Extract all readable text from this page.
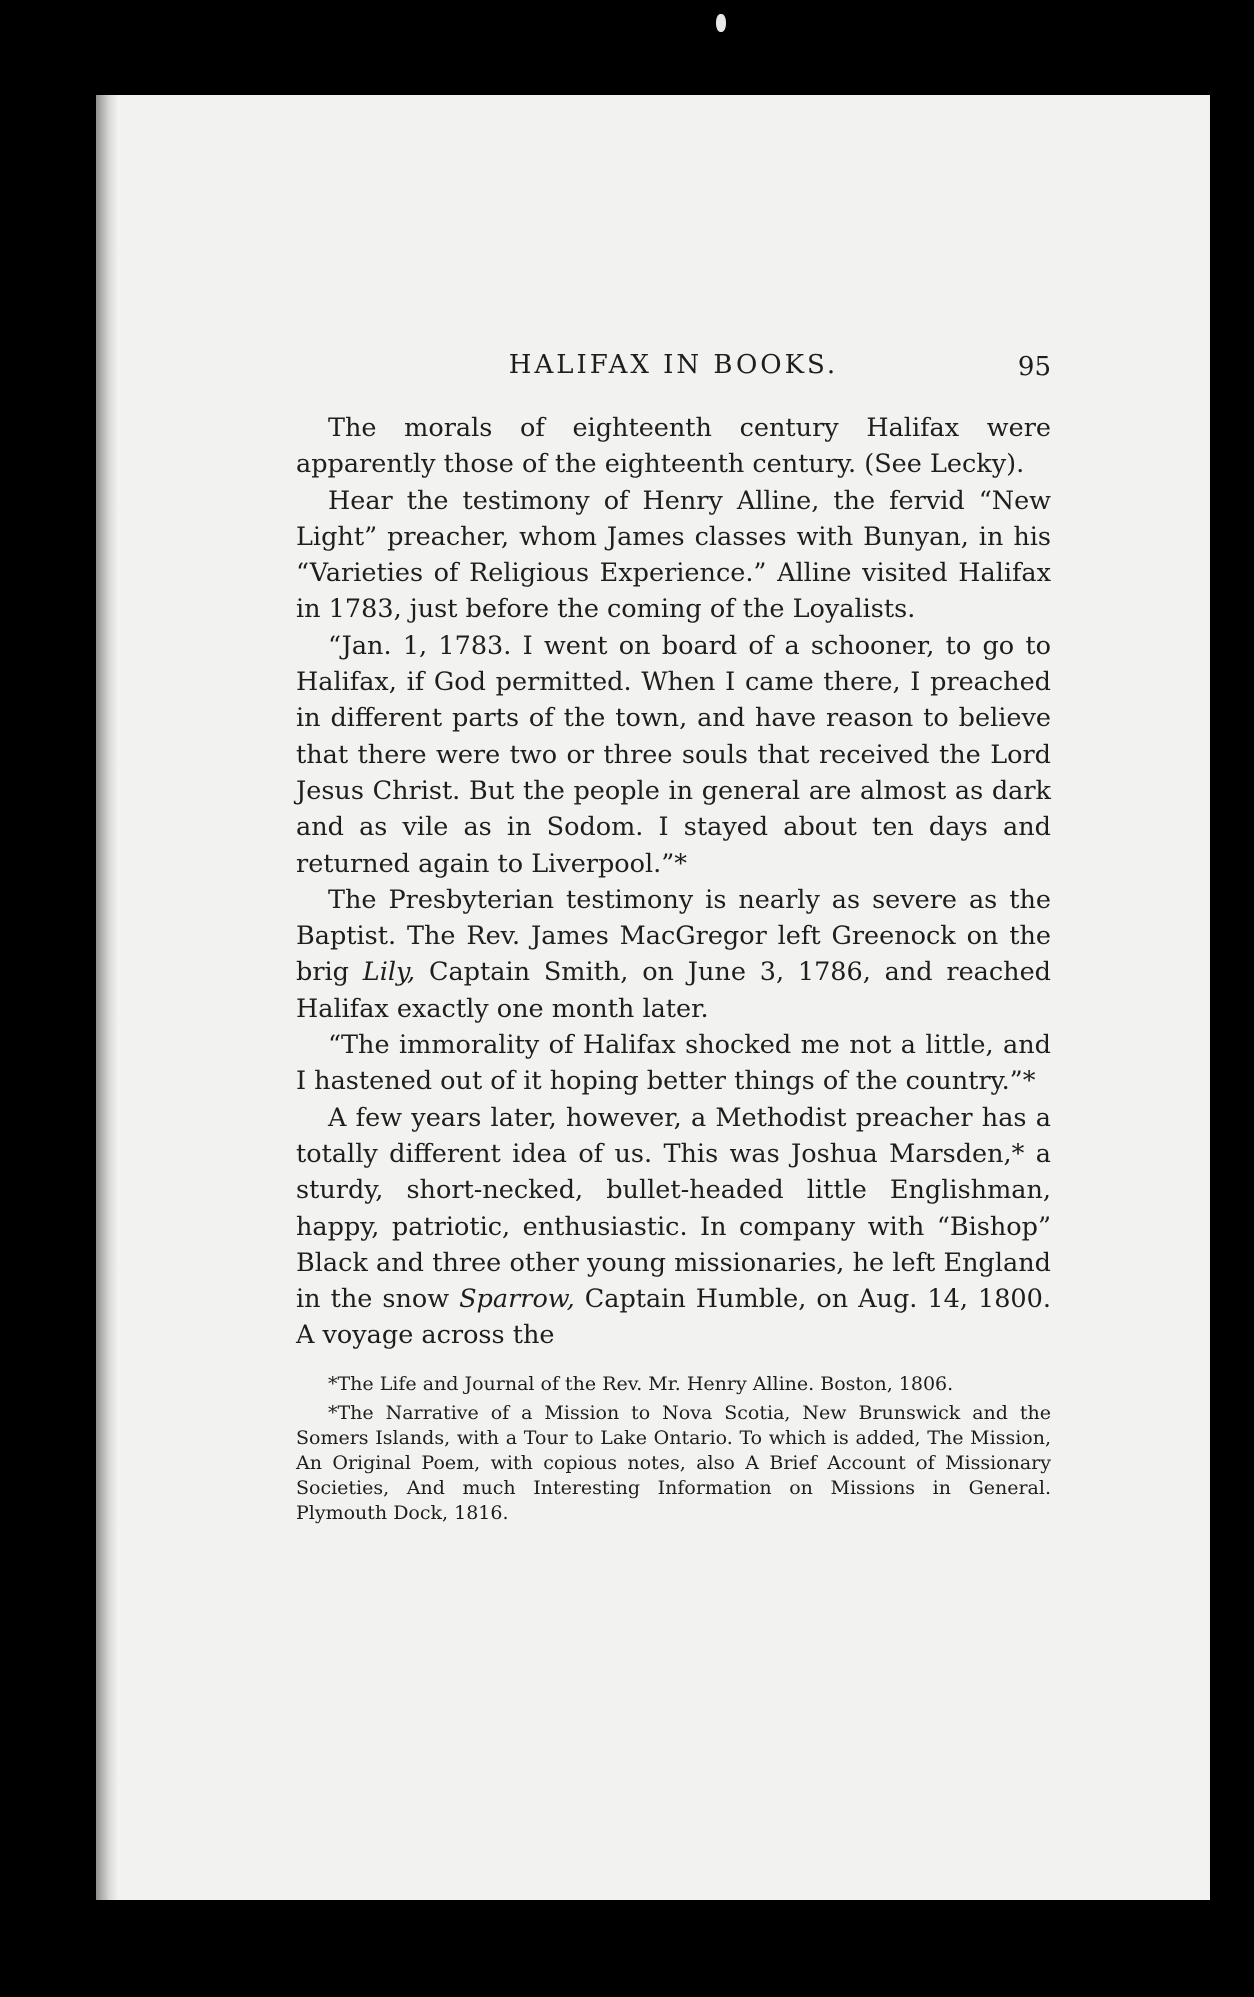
HALIFAX IN BOOKS.	95

The morals of eighteenth century Halifax were apparently those of the eighteenth century. (See Lecky).

Hear the testimony of Henry Alline, the fervid “New Light” preacher, whom James classes with Bunyan, in his “Varieties of Religious Experience.” Alline visited Halifax in 1783, just before the coming of the Loyalists.

“Jan. 1, 1783. I went on board of a schooner, to go to Halifax, if God permitted. When I came there, I preached in different parts of the town, and have reason to believe that there were two or three souls that received the Lord Jesus Christ. But the people in general are almost as dark and as vile as in Sodom. I stayed about ten days and returned again to Liverpool.”*

The Presbyterian testimony is nearly as severe as the Baptist. The Rev. James MacGregor left Greenock on the brig Lily, Captain Smith, on June 3, 1786, and reached Halifax exactly one month later.

“The immorality of Halifax shocked me not a little, and I hastened out of it hoping better things of the country.”*

A few years later, however, a Methodist preacher has a totally different idea of us. This was Joshua Marsden,* a sturdy, short-necked, bullet-headed little Englishman, happy, patriotic, enthusiastic. In company with “Bishop” Black and three other young missionaries, he left England in the snow Sparrow, Captain Humble, on Aug. 14, 1800. A voyage across the

*The Life and Journal of the Rev. Mr. Henry Alline. Boston, 1806.

*The Narrative of a Mission to Nova Scotia, New Brunswick and the Somers Islands, with a Tour to Lake Ontario. To which is added, The Mission, An Original Poem, with copious notes, also A Brief Account of Missionary Societies, And much Interesting Information on Missions in General. Plymouth Dock, 1816.
